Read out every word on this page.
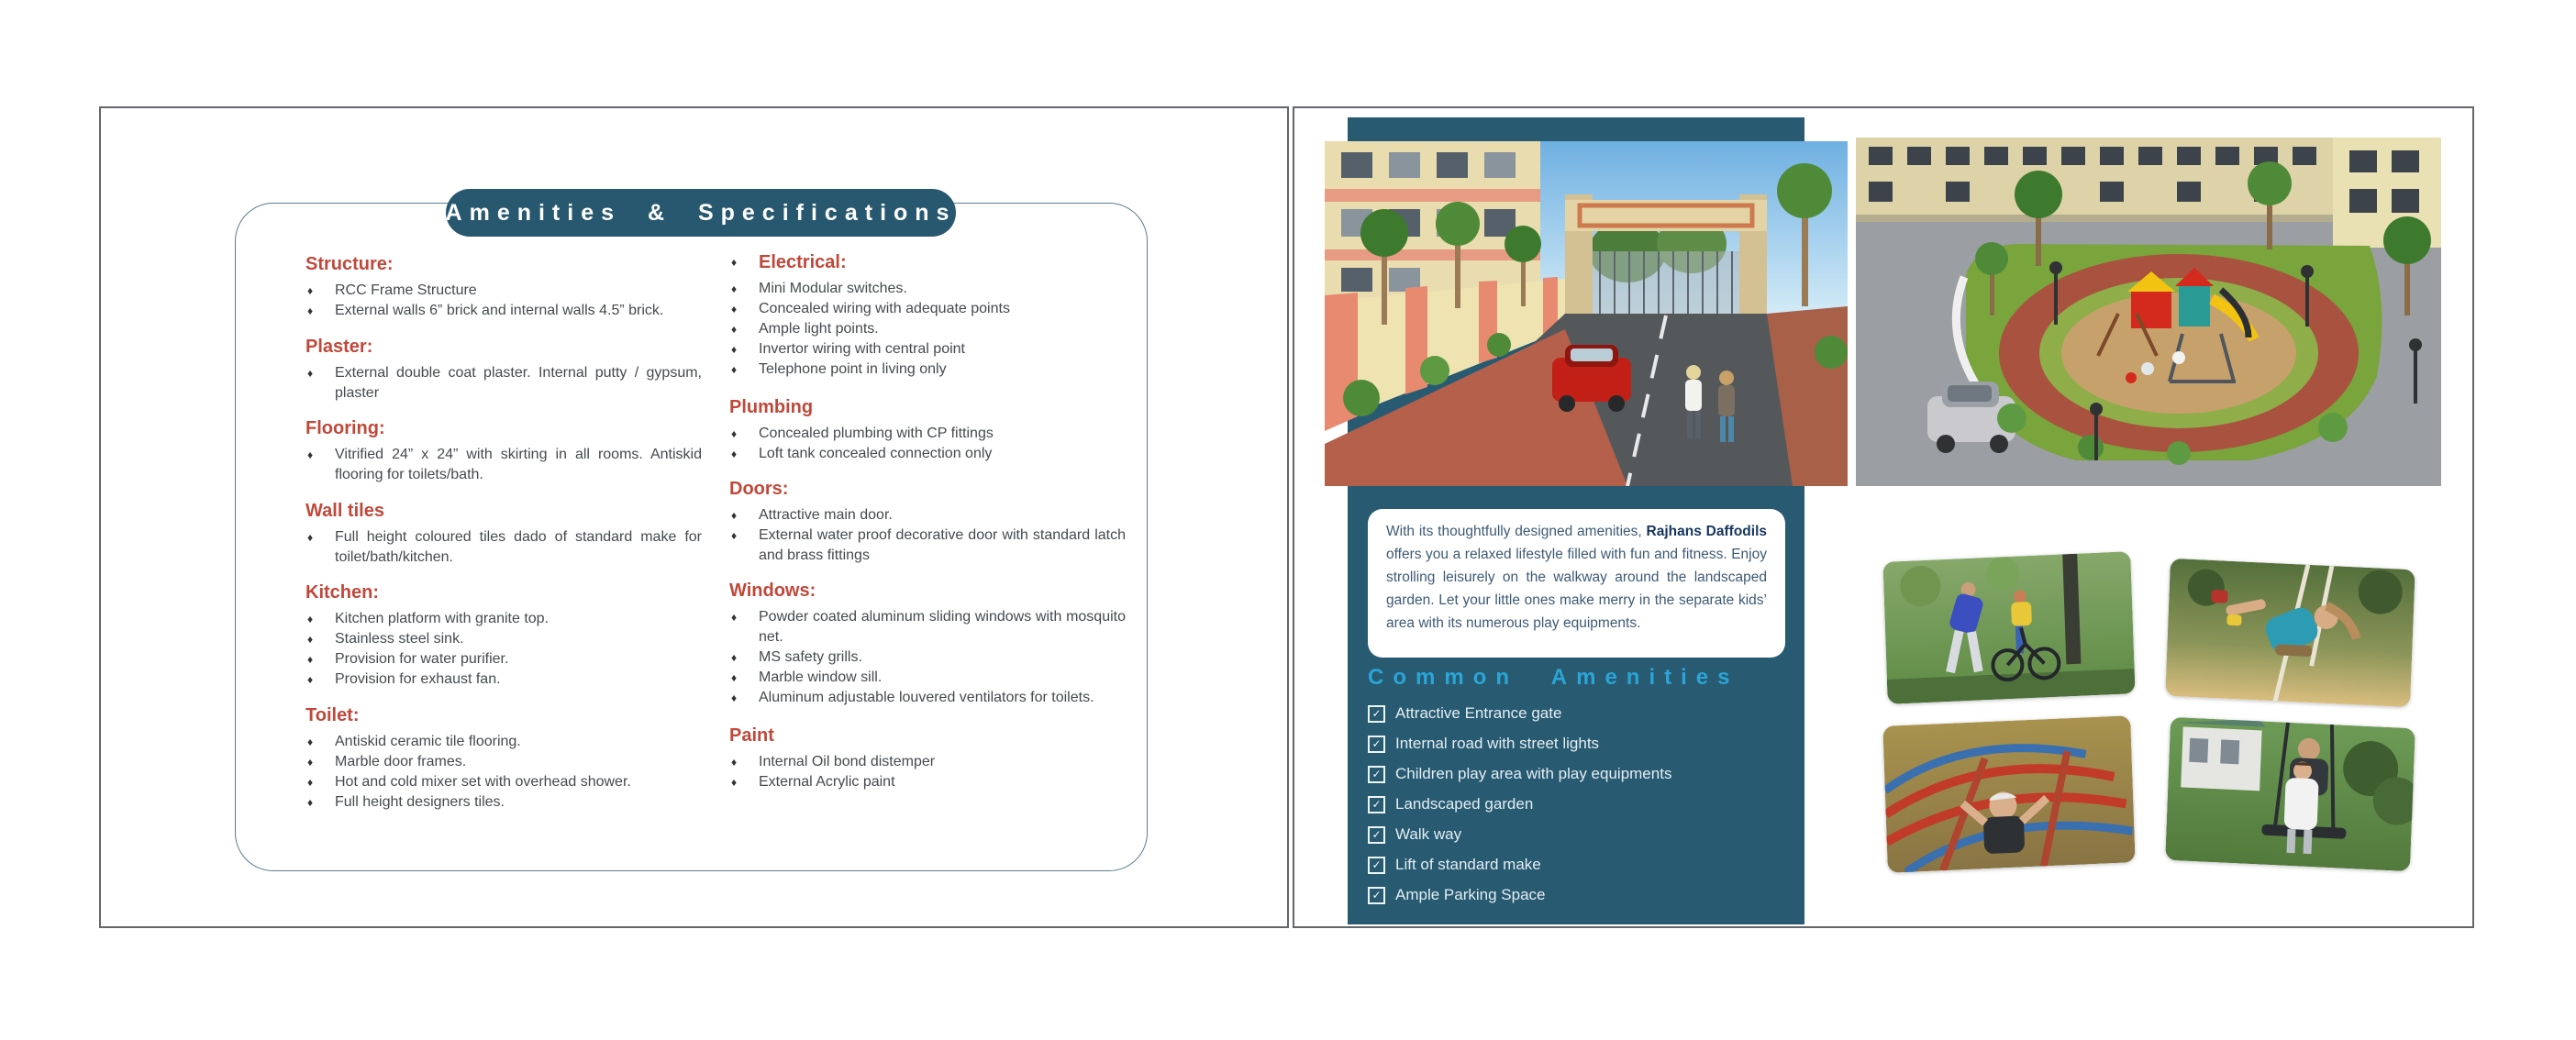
Amenities & Specifications
Structure:
♦	RCC Frame Structure
♦	External walls 6” brick and internal walls 4.5” brick.
Plaster:
♦	External double coat plaster. Internal putty / gypsum, plaster
Flooring:
♦	Vitrified 24” x 24” with skirting in all rooms. Antiskid flooring for toilets/bath.
Wall tiles
♦	Full height coloured tiles dado of standard make for toilet/bath/kitchen.
Kitchen:
♦	Kitchen platform with granite top.
♦	Stainless steel sink.
♦	Provision for water purifier.
♦	Provision for exhaust fan.
Toilet:
♦	Antiskid ceramic tile flooring.
♦	Marble door frames.
♦	Hot and cold mixer set with overhead shower.
♦	Full height designers tiles.
♦	Electrical:
♦	Mini Modular switches.
♦	Concealed wiring with adequate points
♦	Ample light points.
♦	Invertor wiring with central point
♦	Telephone point in living only
Plumbing
♦	Concealed plumbing with CP fittings
♦	Loft tank concealed connection only
Doors:
♦	Attractive main door.
♦	External water proof decorative door with standard latch and brass fittings
Windows:
♦	Powder coated aluminum sliding windows with mosquito net.
♦	MS safety grills.
♦	Marble window sill.
♦	Aluminum adjustable louvered ventilators for toilets.
Paint
♦	Internal Oil bond distemper
♦	External Acrylic paint
With its thoughtfully designed amenities, Rajhans Daffodils offers you a relaxed lifestyle filled with fun and fitness. Enjoy strolling leisurely on the walkway around the landscaped garden. Let your little ones make merry in the separate kids’ area with its numerous play equipments.
Common Amenities
✓ Attractive Entrance gate
✓ Internal road with street lights
✓ Children play area with play equipments
✓ Landscaped garden
✓ Walk way
✓ Lift of standard make
✓ Ample Parking Space
